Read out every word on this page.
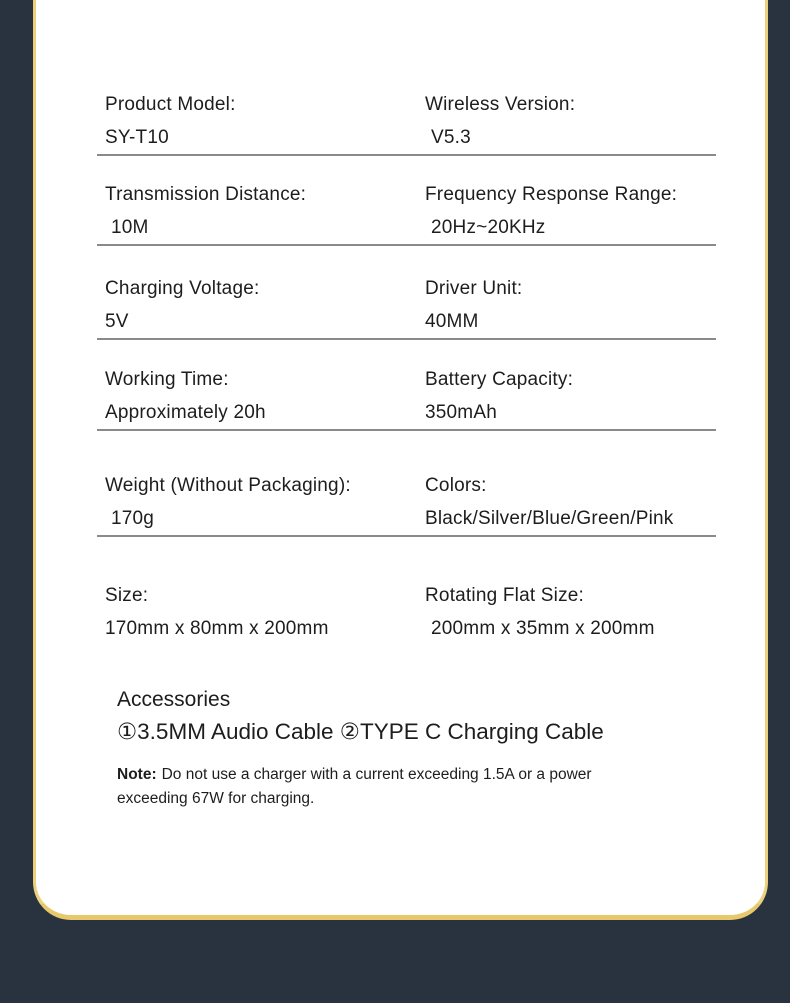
Product Model:
SY-T10
Wireless Version:
V5.3
Transmission Distance:
10M
Frequency Response Range:
20Hz~20KHz
Charging Voltage:
5V
Driver Unit:
40MM
Working Time:
Approximately 20h
Battery Capacity:
350mAh
Weight (Without Packaging):
170g
Colors:
Black/Silver/Blue/Green/Pink
Size:
170mm x 80mm x 200mm
Rotating Flat Size:
200mm x 35mm x 200mm
Accessories
①3.5MM Audio Cable ②TYPE C Charging Cable

Note: Do not use a charger with a current exceeding 1.5A or a power
exceeding 67W for charging.
